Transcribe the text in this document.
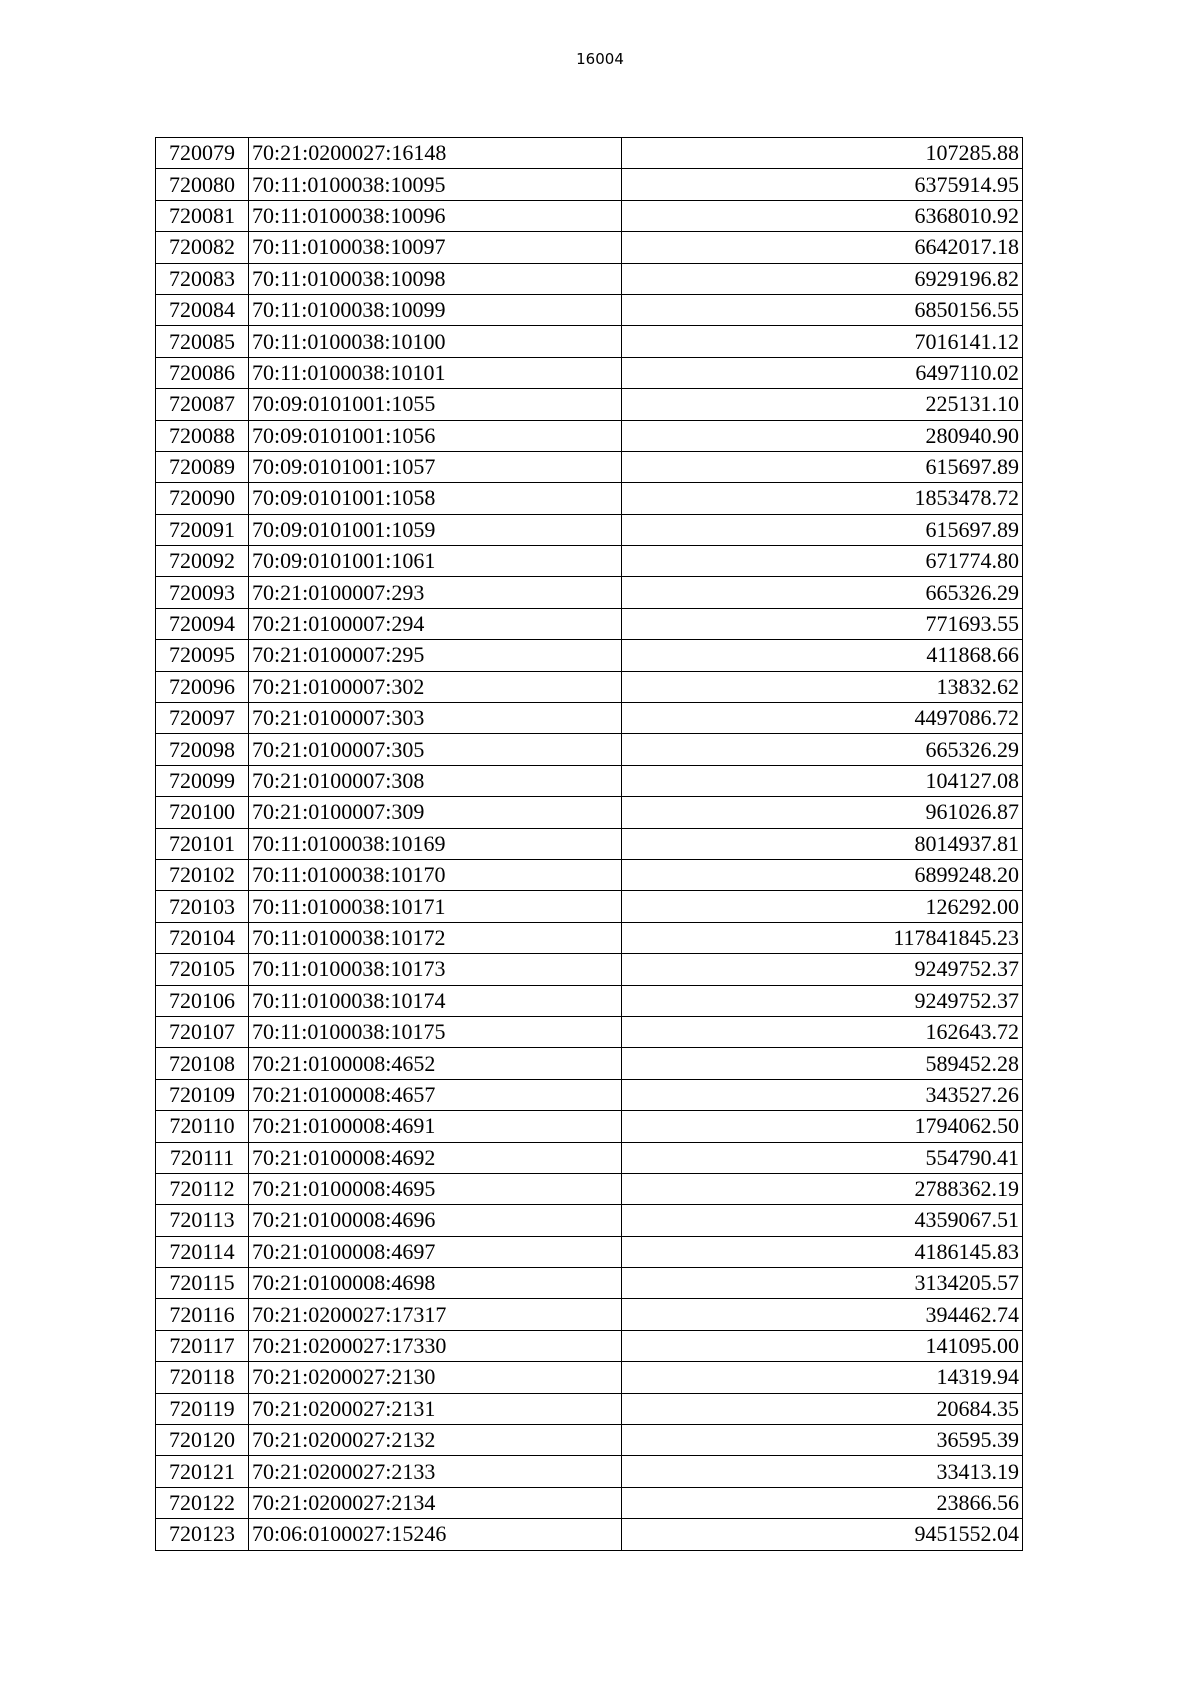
16004
720079	70:21:0200027:16148	107285.88
720080	70:11:0100038:10095	6375914.95
720081	70:11:0100038:10096	6368010.92
720082	70:11:0100038:10097	6642017.18
720083	70:11:0100038:10098	6929196.82
720084	70:11:0100038:10099	6850156.55
720085	70:11:0100038:10100	7016141.12
720086	70:11:0100038:10101	6497110.02
720087	70:09:0101001:1055	225131.10
720088	70:09:0101001:1056	280940.90
720089	70:09:0101001:1057	615697.89
720090	70:09:0101001:1058	1853478.72
720091	70:09:0101001:1059	615697.89
720092	70:09:0101001:1061	671774.80
720093	70:21:0100007:293	665326.29
720094	70:21:0100007:294	771693.55
720095	70:21:0100007:295	411868.66
720096	70:21:0100007:302	13832.62
720097	70:21:0100007:303	4497086.72
720098	70:21:0100007:305	665326.29
720099	70:21:0100007:308	104127.08
720100	70:21:0100007:309	961026.87
720101	70:11:0100038:10169	8014937.81
720102	70:11:0100038:10170	6899248.20
720103	70:11:0100038:10171	126292.00
720104	70:11:0100038:10172	117841845.23
720105	70:11:0100038:10173	9249752.37
720106	70:11:0100038:10174	9249752.37
720107	70:11:0100038:10175	162643.72
720108	70:21:0100008:4652	589452.28
720109	70:21:0100008:4657	343527.26
720110	70:21:0100008:4691	1794062.50
720111	70:21:0100008:4692	554790.41
720112	70:21:0100008:4695	2788362.19
720113	70:21:0100008:4696	4359067.51
720114	70:21:0100008:4697	4186145.83
720115	70:21:0100008:4698	3134205.57
720116	70:21:0200027:17317	394462.74
720117	70:21:0200027:17330	141095.00
720118	70:21:0200027:2130	14319.94
720119	70:21:0200027:2131	20684.35
720120	70:21:0200027:2132	36595.39
720121	70:21:0200027:2133	33413.19
720122	70:21:0200027:2134	23866.56
720123	70:06:0100027:15246	9451552.04
